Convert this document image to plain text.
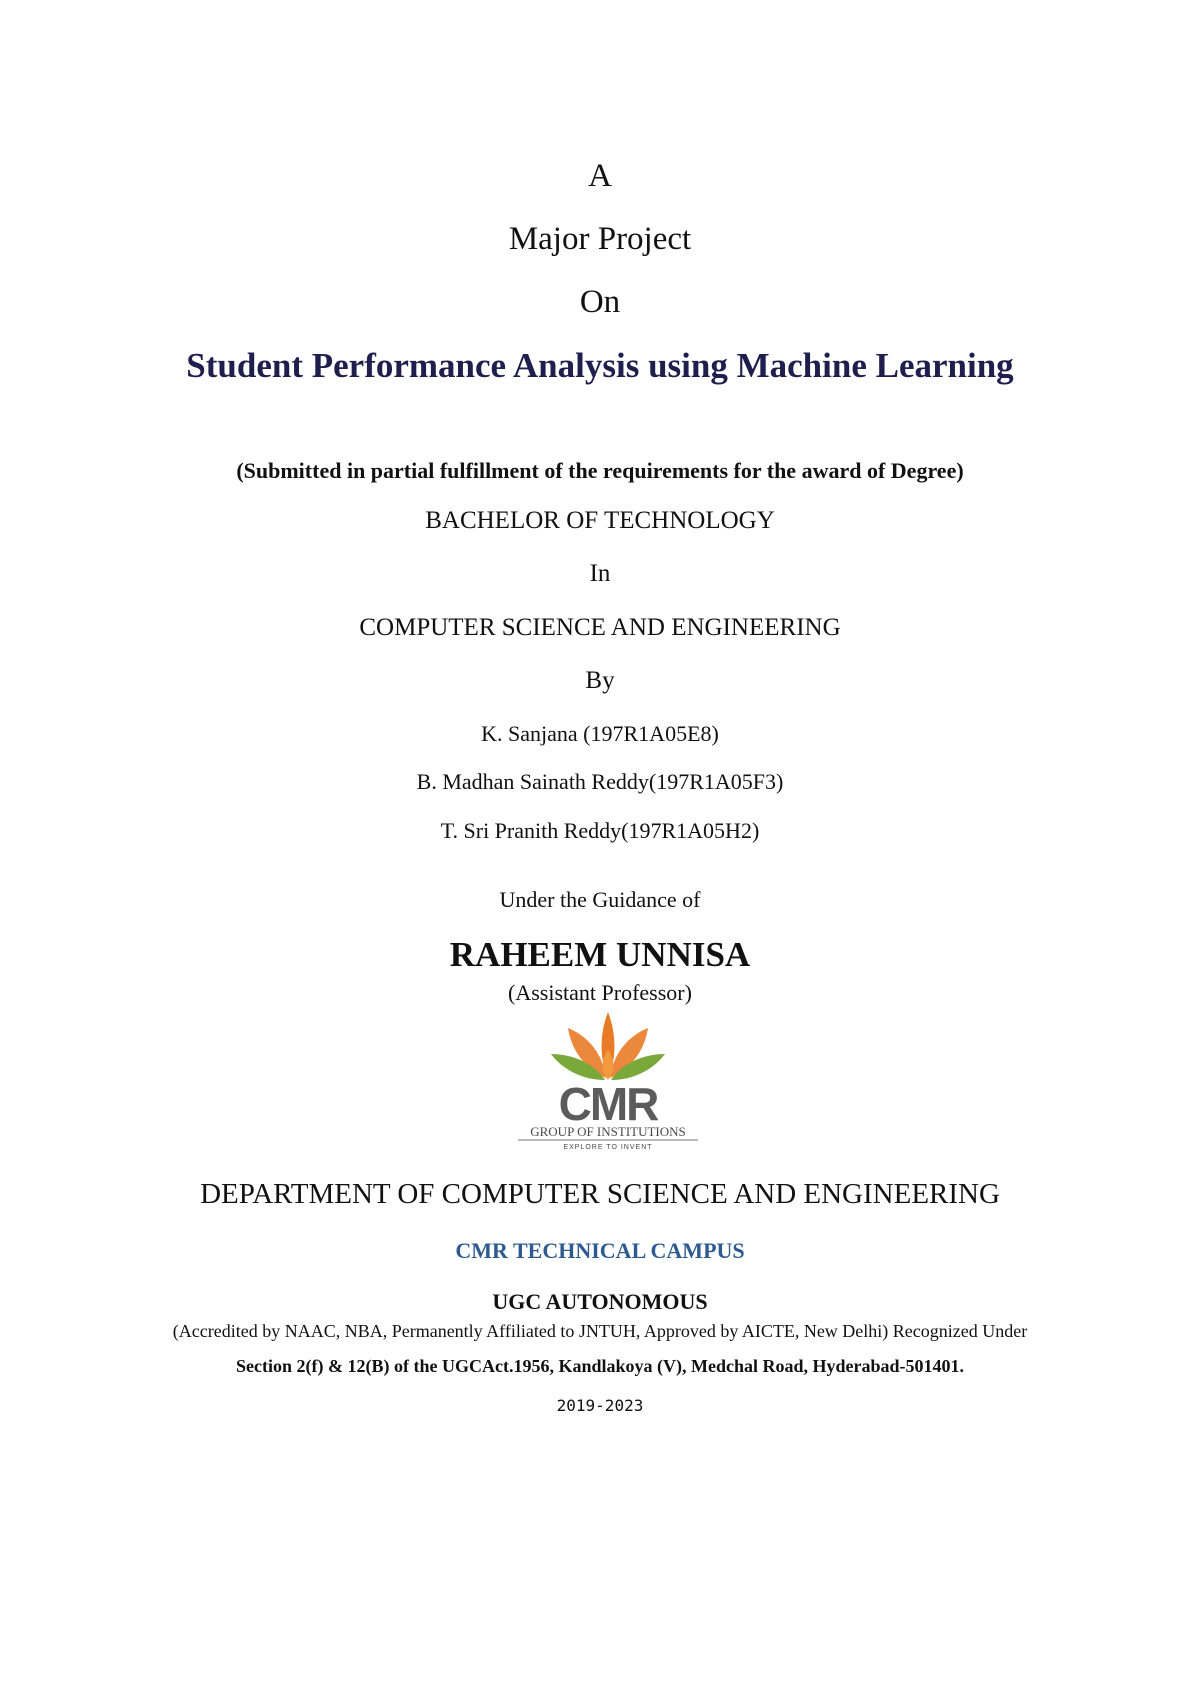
A
Major Project
On
Student Performance Analysis using Machine Learning
(Submitted in partial fulfillment of the requirements for the award of Degree)
BACHELOR OF TECHNOLOGY
In
COMPUTER SCIENCE AND ENGINEERING
By
K. Sanjana (197R1A05E8)
B. Madhan Sainath Reddy(197R1A05F3)
T. Sri Pranith Reddy(197R1A05H2)
Under the Guidance of
RAHEEM UNNISA
(Assistant Professor)
CMR
GROUP OF INSTITUTIONS
EXPLORE TO INVENT
DEPARTMENT OF COMPUTER SCIENCE AND ENGINEERING
CMR TECHNICAL CAMPUS
UGC AUTONOMOUS
(Accredited by NAAC, NBA, Permanently Affiliated to JNTUH, Approved by AICTE, New Delhi) Recognized Under
Section 2(f) & 12(B) of the UGCAct.1956, Kandlakoya (V), Medchal Road, Hyderabad-501401.
2019-2023
